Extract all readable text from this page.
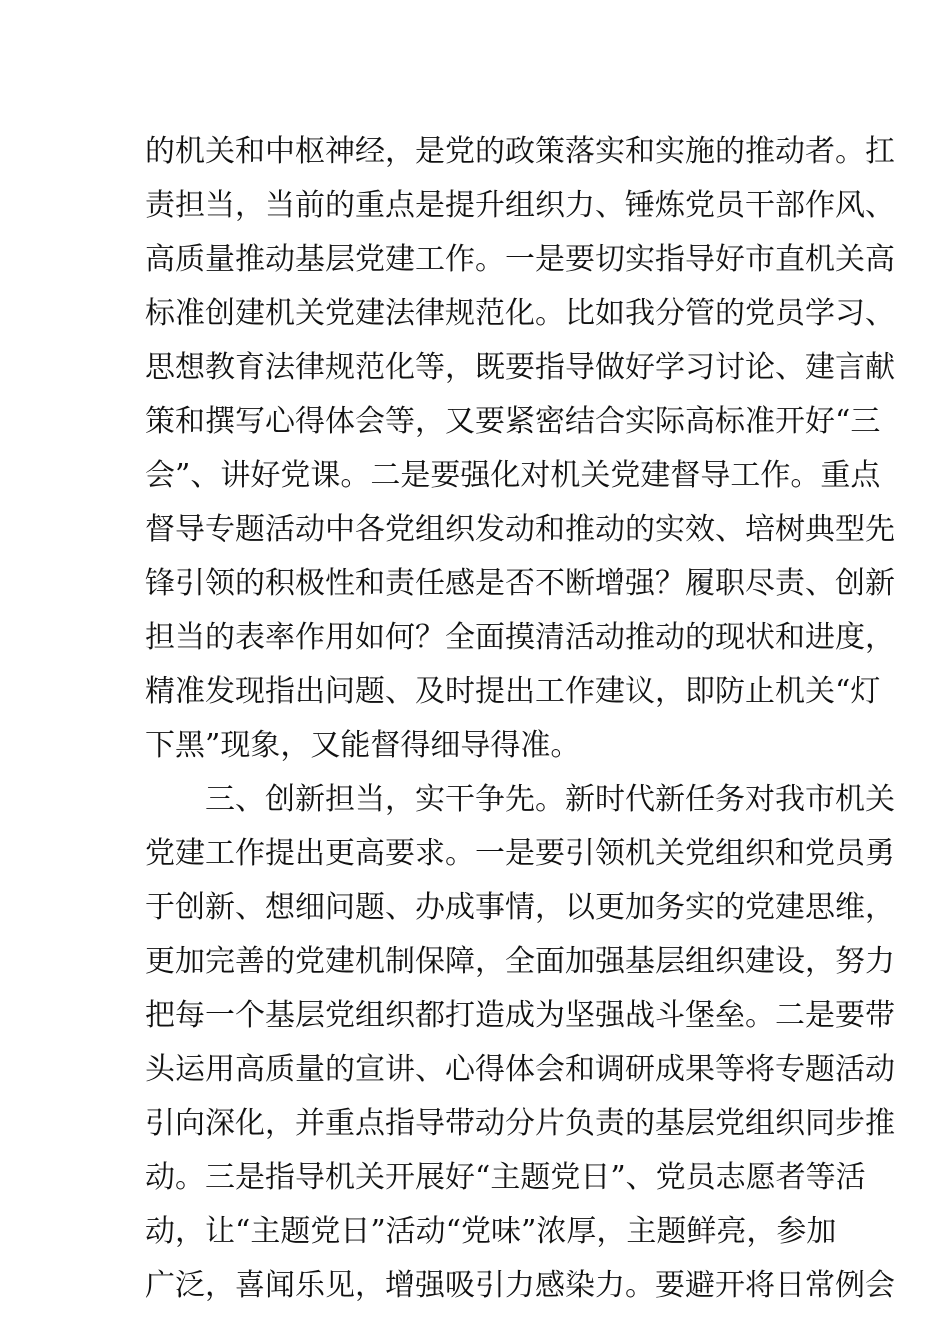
的机关和中枢神经，是党的政策落实和实施的推动者。扛
责担当，当前的重点是提升组织力、锤炼党员干部作风、
高质量推动基层党建工作。一是要切实指导好市直机关高
标准创建机关党建法律规范化。比如我分管的党员学习、
思想教育法律规范化等，既要指导做好学习讨论、建言献
策和撰写心得体会等，又要紧密结合实际高标准开好“三
会”、讲好党课。二是要强化对机关党建督导工作。重点
督导专题活动中各党组织发动和推动的实效、培树典型先
锋引领的积极性和责任感是否不断增强？履职尽责、创新
担当的表率作用如何？全面摸清活动推动的现状和进度，
精准发现指出问题、及时提出工作建议，即防止机关“灯
下黑”现象，又能督得细导得准。
三、创新担当，实干争先。新时代新任务对我市机关
党建工作提出更高要求。一是要引领机关党组织和党员勇
于创新、想细问题、办成事情，以更加务实的党建思维，
更加完善的党建机制保障，全面加强基层组织建设，努力
把每一个基层党组织都打造成为坚强战斗堡垒。二是要带
头运用高质量的宣讲、心得体会和调研成果等将专题活动
引向深化，并重点指导带动分片负责的基层党组织同步推
动。三是指导机关开展好“主题党日”、党员志愿者等活
动，让“主题党日”活动“党味”浓厚，主题鲜亮，参加
广泛，喜闻乐见，增强吸引力感染力。要避开将日常例会
